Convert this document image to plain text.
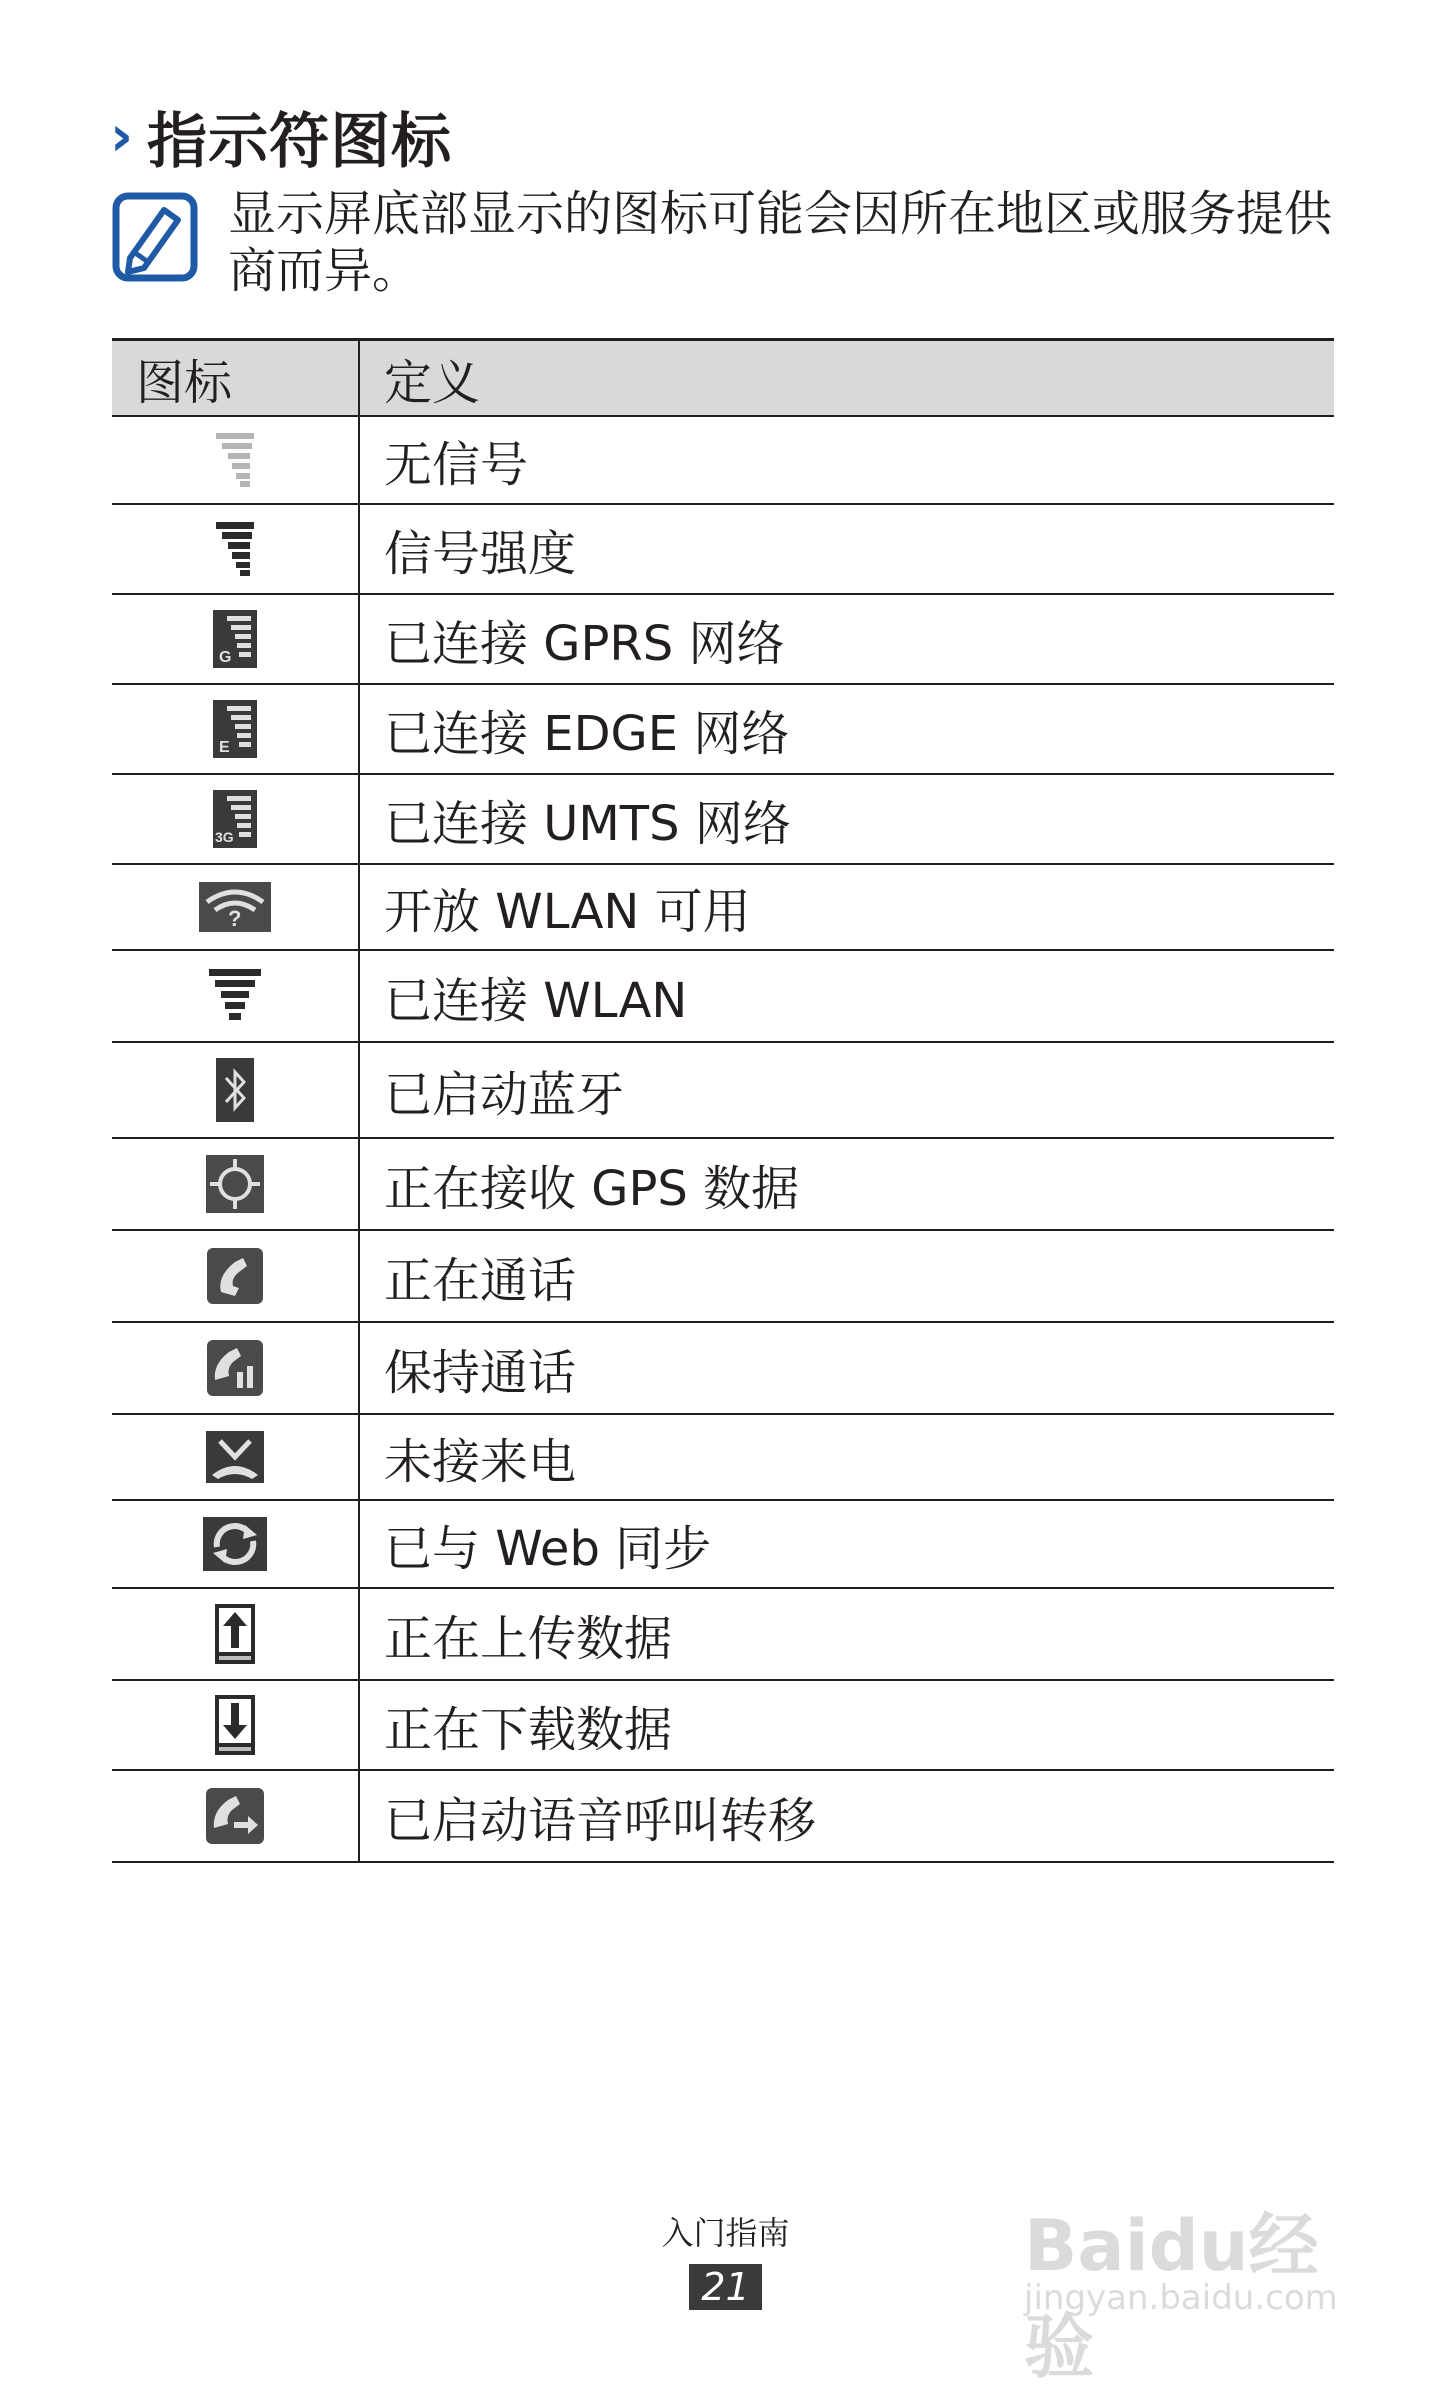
› 指示符图标
显示屏底部显示的图标可能会因所在地区或服务提供商而异。
图标	定义
无信号
信号强度
G	已连接 GPRS 网络
E	已连接 EDGE 网络
3G	已连接 UMTS 网络
?	开放 WLAN 可用
已连接 WLAN
已启动蓝牙
正在接收 GPS 数据
正在通话
保持通话
未接来电
已与 Web 同步
正在上传数据
正在下载数据
已启动语音呼叫转移
入门指南
21	Baidu经验
jingyan.baidu.com
